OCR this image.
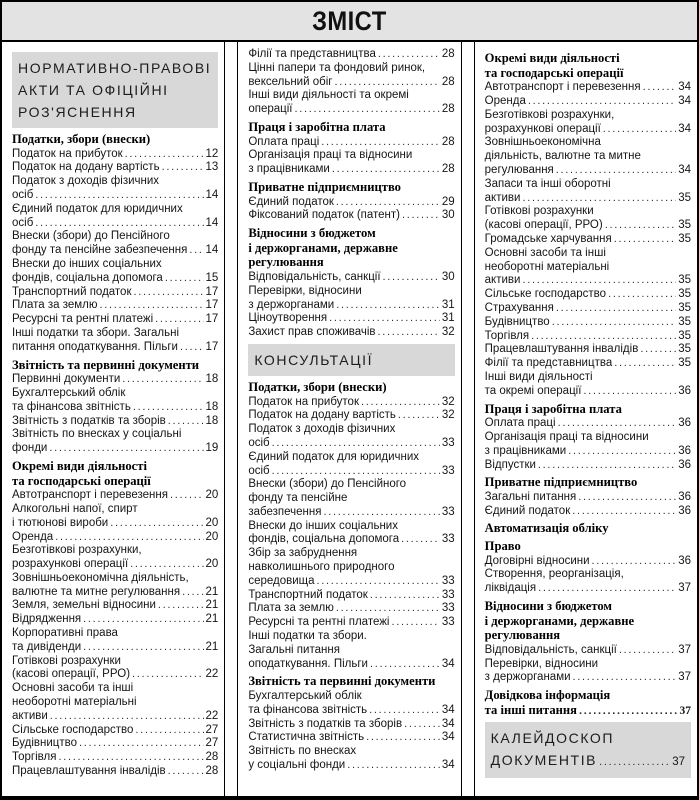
ЗМІСТ
НОРМАТИВНО-ПРАВОВІ
АКТИ ТА ОФІЦІЙНІ
РОЗ'ЯСНЕННЯ
Податки, збори (внески)
Податок на прибуток .....	12
Податок на додану вартість .....	13
Податок з доходів фізичних
осіб .....	14
Єдиний податок для юридичних
осіб .....	14
Внески (збори) до Пенсійного
фонду та пенсійне забезпечення ..... 14
Внески до інших соціальних
фондів, соціальна допомога .....	15
Транспортний податок .....	17
Плата за землю .....	17
Ресурсні та рентні платежі .....	17
Інші податки та збори. Загальні
питання оподаткування. Пільги ..... 17
Звітність та первинні документи
Первинні документи .....	18
Бухгалтерський облік
та фінансова звітність .....	18
Звітність з податків та зборів .....	18
Звітність по внесках у соціальні
фонди .....	19
Окремі види діяльності
та господарські операції
Автотранспорт і перевезення .....	20
Алкогольні напої, спирт
і тютюнові вироби .....	20
Оренда .....	20
Безготівкові розрахунки,
розрахункові операції .....	20
Зовнішньоекономічна діяльність,
валютне та митне регулювання ..... 21
Земля, земельні відносини .....	21
Відрядження .....	21
Корпоративні права
та дивіденди .....	21
Готівкові розрахунки
(касові операції, РРО) .....	22
Основні засоби та інші
необоротні матеріальні
активи .....	22
Сільське господарство .....	27
Будівництво .....	27
Торгівля .....	28
Працевлаштування інвалідів .....	28
Філії та представництва .....	28
Цінні папери та фондовий ринок,
вексельний обіг .....	28
Інші види діяльності та окремі
операції .....	28
Праця і заробітна плата
Оплата праці .....	28
Організація праці та відносини
з працівниками .....	28
Приватне підприємництво
Єдиний податок .....	29
Фіксований податок (патент) .....	30
Відносини з бюджетом
і держорганами, державне
регулювання
Відповідальність, санкції .....	30
Перевірки, відносини
з держорганами .....	31
Ціноутворення .....	31
Захист прав споживачів .....	32
КОНСУЛЬТАЦІЇ
Податки, збори (внески)
Податок на прибуток .....	32
Податок на додану вартість .....	32
Податок з доходів фізичних
осіб .....	33
Єдиний податок для юридичних
осіб .....	33
Внески (збори) до Пенсійного
фонду та пенсійне
забезпечення .....	33
Внески до інших соціальних
фондів, соціальна допомога .....	33
Збір за забруднення
навколишнього природного
середовища .....	33
Транспортний податок .....	33
Плата за землю .....	33
Ресурсні та рентні платежі .....	33
Інші податки та збори.
Загальні питання
оподаткування. Пільги .....	34
Звітність та первинні документи
Бухгалтерський облік
та фінансова звітність .....	34
Звітність з податків та зборів .....	34
Статистична звітність .....	34
Звітність по внесках
у соціальні фонди .....	34
Окремі види діяльності
та господарські операції
Автотранспорт і перевезення .....	34
Оренда .....	34
Безготівкові розрахунки,
розрахункові операції .....	34
Зовнішньоекономічна
діяльність, валютне та митне
регулювання .....	34
Запаси та інші оборотні
активи .....	35
Готівкові розрахунки
(касові операції, РРО) .....	35
Громадське харчування .....	35
Основні засоби та інші
необоротні матеріальні
активи .....	35
Сільське господарство .....	35
Страхування .....	35
Будівництво .....	35
Торгівля .....	35
Працевлаштування інвалідів .....	35
Філії та представництва .....	35
Інші види діяльності
та окремі операції .....	36
Праця і заробітна плата
Оплата праці .....	36
Організація праці та відносини
з працівниками .....	36
Відпустки .....	36
Приватне підприємництво
Загальні питання .....	36
Єдиний податок .....	36
Автоматизація обліку
Право
Договірні відносини .....	36
Створення, реорганізація,
ліквідація .....	37
Відносини з бюджетом
і держорганами, державне
регулювання
Відповідальність, санкції .....	37
Перевірки, відносини
з держорганами .....	37
Довідкова інформація
та інші питання .....	37
КАЛЕЙДОСКОП
ДОКУМЕНТІВ .....	37
